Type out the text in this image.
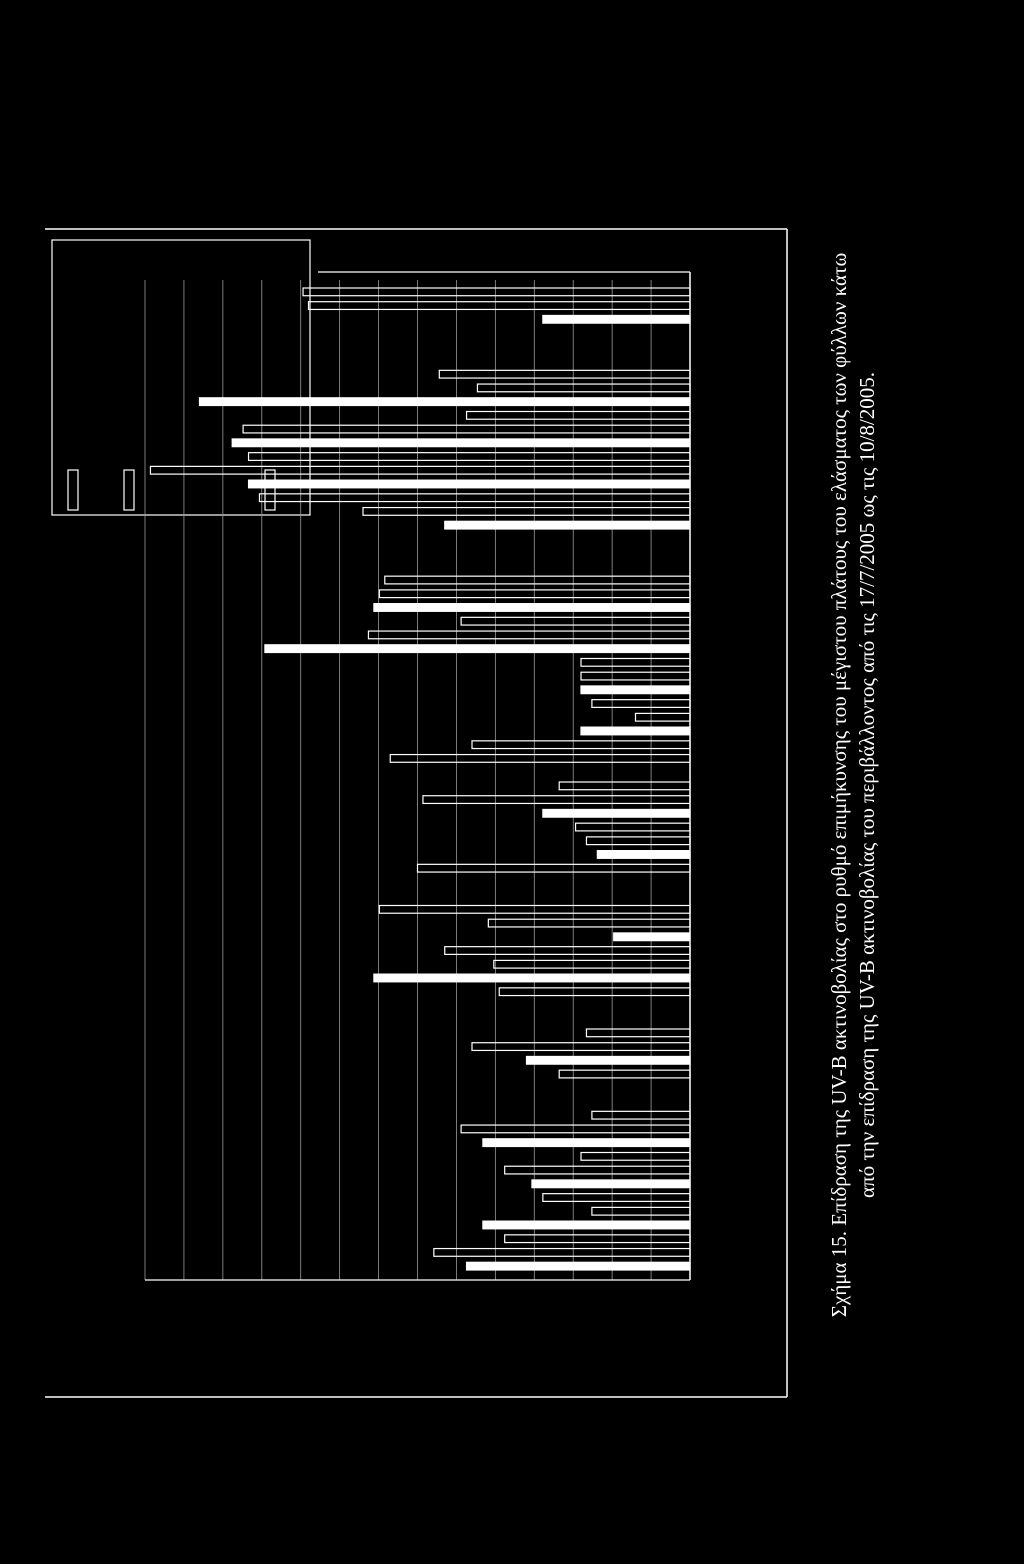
Σχήμα 15. Επίδραση της UV-B ακτινοβολίας στο ρυθμό επιμήκυνσης του μέγιστου πλάτους του ελάσματος των φύλλων κάτω από την επίδραση της UV-B ακτινοβολίας του περιβάλλοντος από τις 17/7/2005 ως τις 10/8/2005.
